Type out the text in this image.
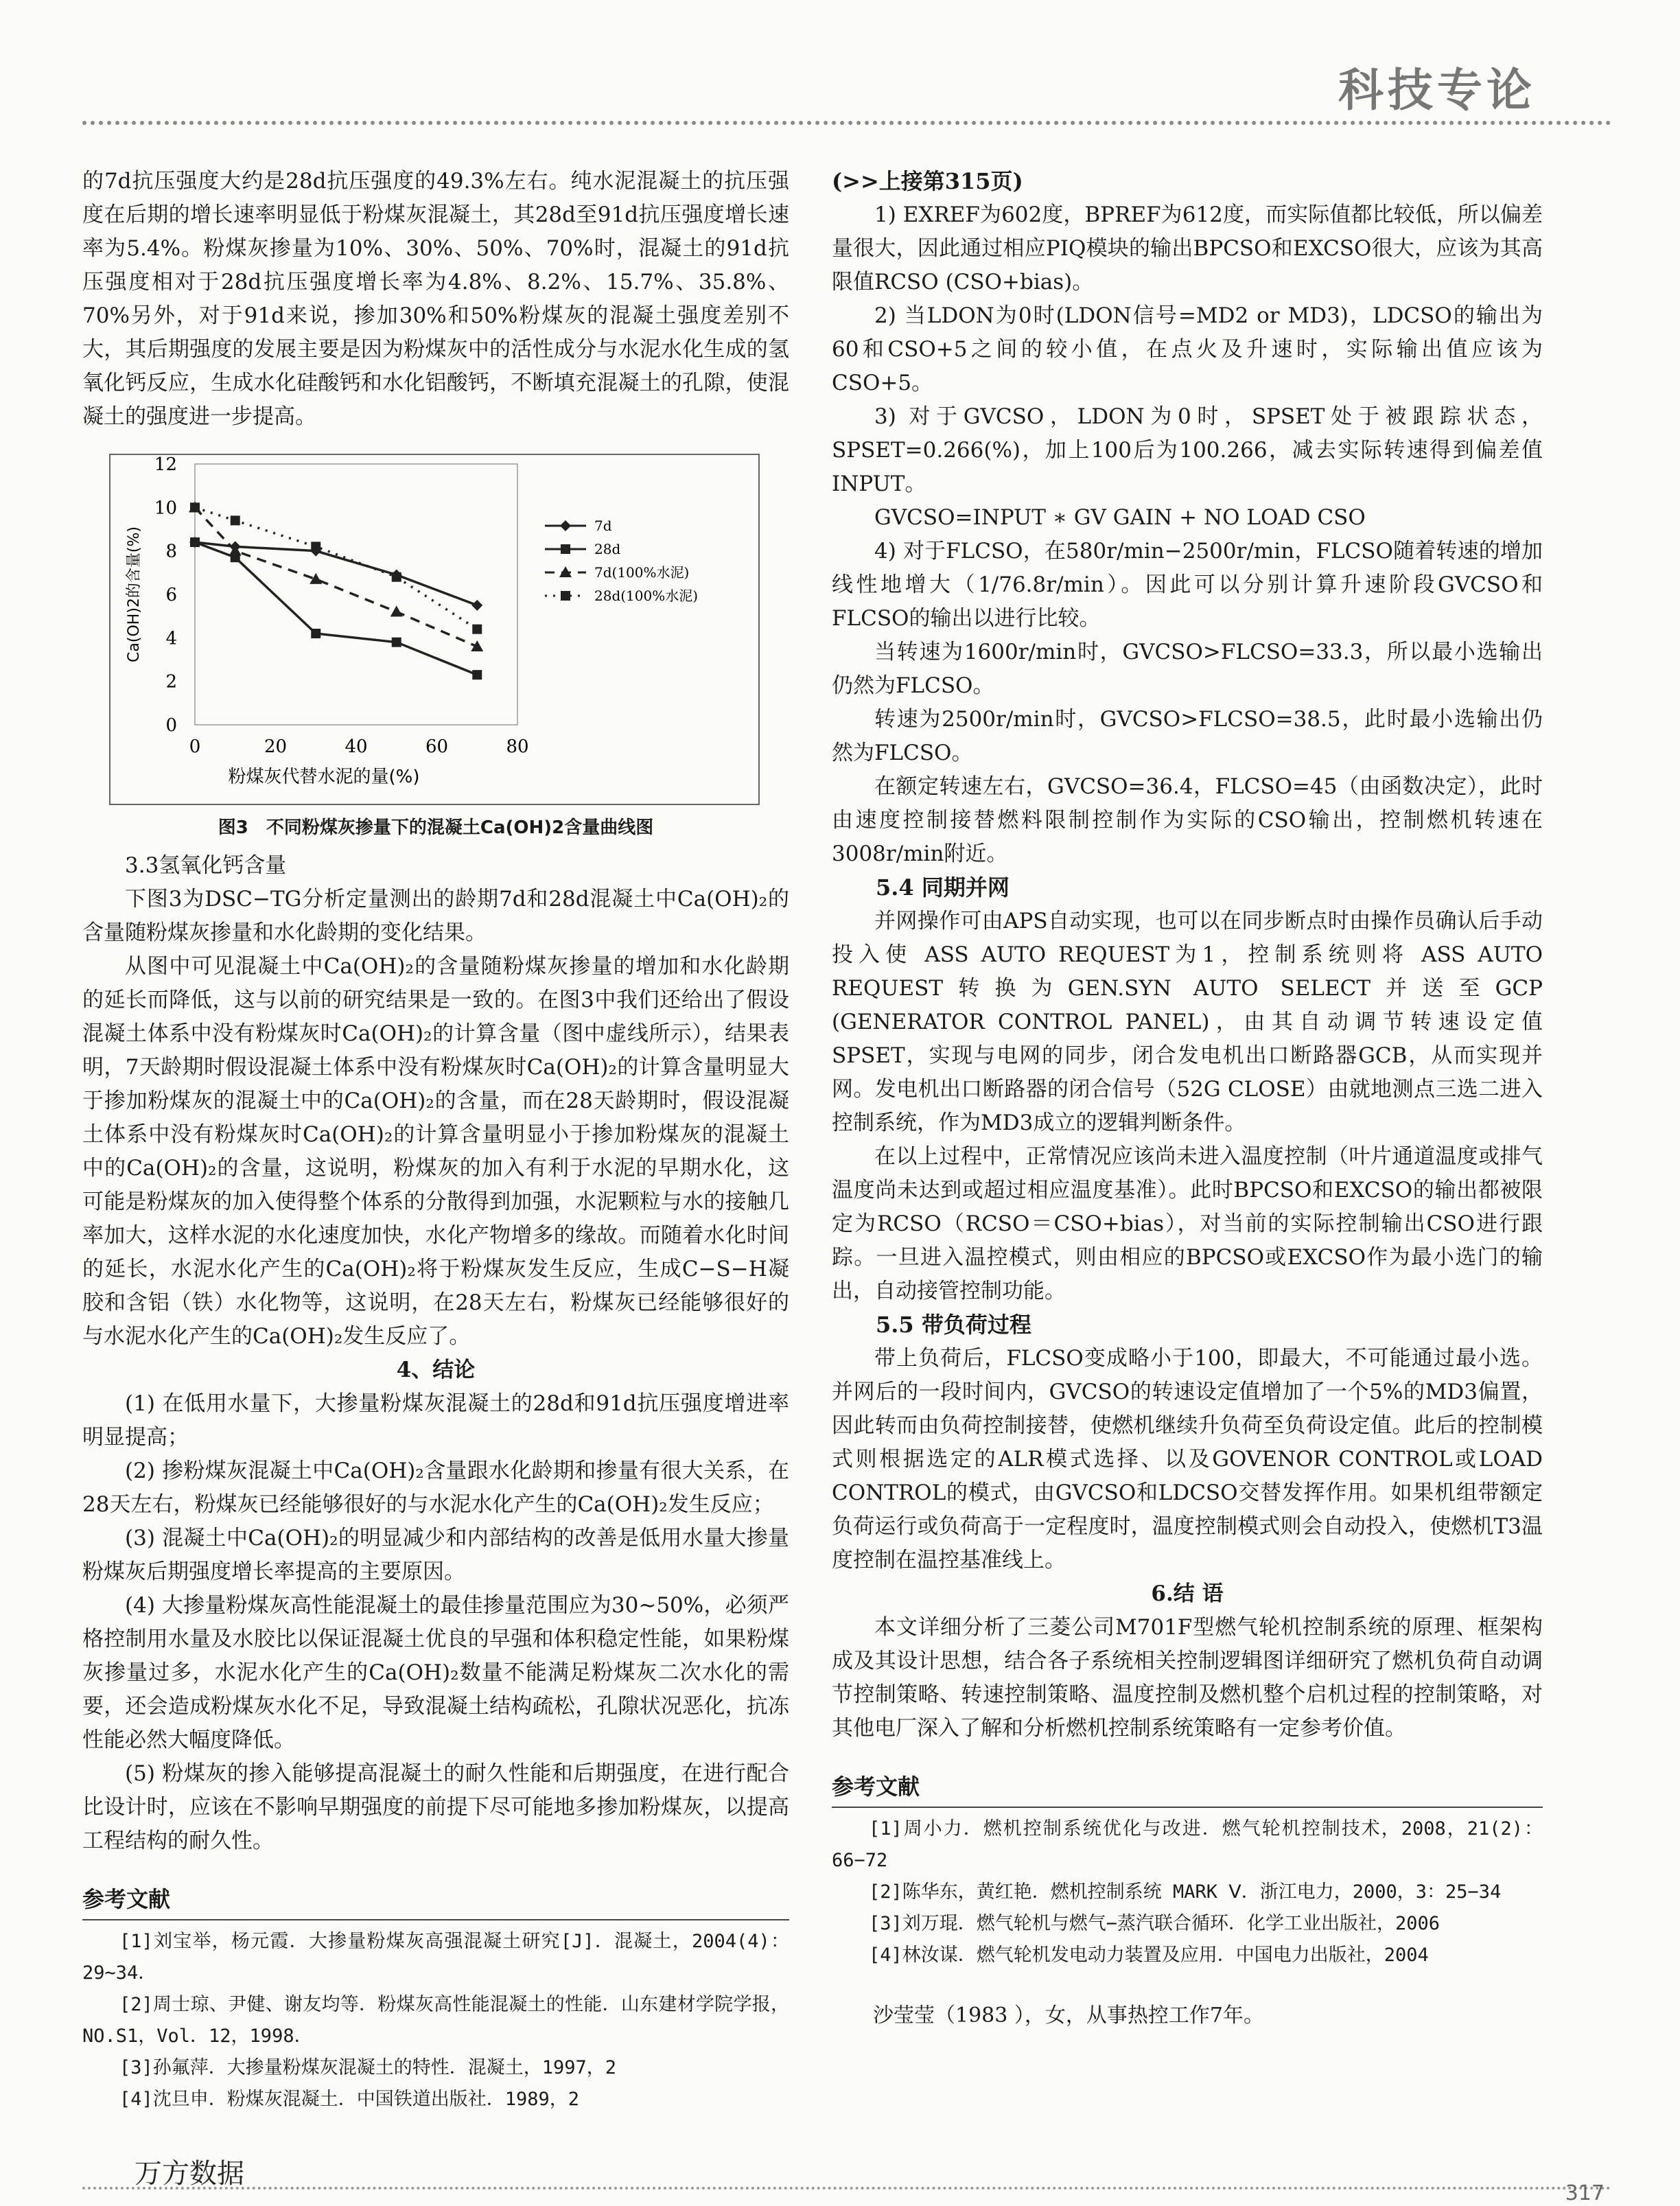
科技专论

的7d抗压强度大约是28d抗压强度的49.3%左右。纯水泥混凝土的抗压强度在后期的增长速率明显低于粉煤灰混凝土，其28d至91d抗压强度增长速率为5.4%。粉煤灰掺量为10%、30%、50%、70%时，混凝土的91d抗压强度相对于28d抗压强度增长率为4.8%、8.2%、15.7%、35.8%、70%另外，对于91d来说，掺加30%和50%粉煤灰的混凝土强度差别不大，其后期强度的发展主要是因为粉煤灰中的活性成分与水泥水化生成的氢氧化钙反应，生成水化硅酸钙和水化铝酸钙，不断填充混凝土的孔隙，使混凝土的强度进一步提高。

0
2
4
6
8
10
12
0	20	40	60	80
粉煤灰代替水泥的量(%)
Ca(OH)2的含量(%)
7d
28d
7d(100%水泥)
28d(100%水泥)
图3　不同粉煤灰掺量下的混凝土Ca(OH)2含量曲线图

3.3氢氧化钙含量

下图3为DSC−TG分析定量测出的龄期7d和28d混凝土中Ca(OH)₂的含量随粉煤灰掺量和水化龄期的变化结果。

从图中可见混凝土中Ca(OH)₂的含量随粉煤灰掺量的增加和水化龄期的延长而降低，这与以前的研究结果是一致的。在图3中我们还给出了假设混凝土体系中没有粉煤灰时Ca(OH)₂的计算含量（图中虚线所示），结果表明，7天龄期时假设混凝土体系中没有粉煤灰时Ca(OH)₂的计算含量明显大于掺加粉煤灰的混凝土中的Ca(OH)₂的含量，而在28天龄期时，假设混凝土体系中没有粉煤灰时Ca(OH)₂的计算含量明显小于掺加粉煤灰的混凝土中的Ca(OH)₂的含量，这说明，粉煤灰的加入有利于水泥的早期水化，这可能是粉煤灰的加入使得整个体系的分散得到加强，水泥颗粒与水的接触几率加大，这样水泥的水化速度加快，水化产物增多的缘故。而随着水化时间的延长，水泥水化产生的Ca(OH)₂将于粉煤灰发生反应，生成C−S−H凝胶和含铝（铁）水化物等，这说明，在28天左右，粉煤灰已经能够很好的与水泥水化产生的Ca(OH)₂发生反应了。

4、结论

(1) 在低用水量下，大掺量粉煤灰混凝土的28d和91d抗压强度增进率明显提高；

(2) 掺粉煤灰混凝土中Ca(OH)₂含量跟水化龄期和掺量有很大关系，在28天左右，粉煤灰已经能够很好的与水泥水化产生的Ca(OH)₂发生反应；

(3) 混凝土中Ca(OH)₂的明显减少和内部结构的改善是低用水量大掺量粉煤灰后期强度增长率提高的主要原因。

(4) 大掺量粉煤灰高性能混凝土的最佳掺量范围应为30∼50%，必须严格控制用水量及水胶比以保证混凝土优良的早强和体积稳定性能，如果粉煤灰掺量过多，水泥水化产生的Ca(OH)₂数量不能满足粉煤灰二次水化的需要，还会造成粉煤灰水化不足，导致混凝土结构疏松，孔隙状况恶化，抗冻性能必然大幅度降低。

(5) 粉煤灰的掺入能够提高混凝土的耐久性能和后期强度，在进行配合比设计时，应该在不影响早期强度的前提下尽可能地多掺加粉煤灰，以提高工程结构的耐久性。

参考文献

[1]刘宝举，杨元霞．大掺量粉煤灰高强混凝土研究[J]．混凝土，2004(4)：29∼34．

[2]周士琼、尹健、谢友均等．粉煤灰高性能混凝土的性能．山东建材学院学报，NO.S1，Vol．12，1998．

[3]孙氟萍．大掺量粉煤灰混凝土的特性．混凝土，1997，2

[4]沈旦申．粉煤灰混凝土．中国铁道出版社．1989，2

(>>上接第315页)

1) EXREF为602度，BPREF为612度，而实际值都比较低，所以偏差量很大，因此通过相应PIQ模块的输出BPCSO和EXCSO很大，应该为其高限值RCSO (CSO+bias)。

2) 当LDON为0时(LDON信号=MD2 or MD3)，LDCSO的输出为60和CSO+5之间的较小值，在点火及升速时，实际输出值应该为CSO+5。

3) 对于GVCSO，LDON为0时，SPSET处于被跟踪状态，SPSET=0.266(%)，加上100后为100.266，减去实际转速得到偏差值INPUT。

GVCSO=INPUT ∗ GV GAIN + NO LOAD CSO

4) 对于FLCSO，在580r/min−2500r/min，FLCSO随着转速的增加线性地增大（1/76.8r/min）。因此可以分别计算升速阶段GVCSO和FLCSO的输出以进行比较。

当转速为1600r/min时，GVCSO>FLCSO=33.3，所以最小选输出仍然为FLCSO。

转速为2500r/min时，GVCSO>FLCSO=38.5，此时最小选输出仍然为FLCSO。

在额定转速左右，GVCSO=36.4，FLCSO=45（由函数决定），此时由速度控制接替燃料限制控制作为实际的CSO输出，控制燃机转速在3008r/min附近。

5.4 同期并网

并网操作可由APS自动实现，也可以在同步断点时由操作员确认后手动投入使 ASS AUTO REQUEST为1，控制系统则将 ASS AUTO REQUEST转换为GEN.SYN AUTO SELECT并送至GCP (GENERATOR CONTROL PANEL)，由其自动调节转速设定值SPSET，实现与电网的同步，闭合发电机出口断路器GCB，从而实现并网。发电机出口断路器的闭合信号（52G CLOSE）由就地测点三选二进入控制系统，作为MD3成立的逻辑判断条件。

在以上过程中，正常情况应该尚未进入温度控制（叶片通道温度或排气温度尚未达到或超过相应温度基准）。此时BPCSO和EXCSO的输出都被限定为RCSO（RCSO＝CSO+bias），对当前的实际控制输出CSO进行跟踪。一旦进入温控模式，则由相应的BPCSO或EXCSO作为最小选门的输出，自动接管控制功能。

5.5 带负荷过程

带上负荷后，FLCSO变成略小于100，即最大，不可能通过最小选。并网后的一段时间内，GVCSO的转速设定值增加了一个5%的MD3偏置，因此转而由负荷控制接替，使燃机继续升负荷至负荷设定值。此后的控制模式则根据选定的ALR模式选择、以及GOVENOR CONTROL或LOAD CONTROL的模式，由GVCSO和LDCSO交替发挥作用。如果机组带额定负荷运行或负荷高于一定程度时，温度控制模式则会自动投入，使燃机T3温度控制在温控基准线上。

6.结 语

本文详细分析了三菱公司M701F型燃气轮机控制系统的原理、框架构成及其设计思想，结合各子系统相关控制逻辑图详细研究了燃机负荷自动调节控制策略、转速控制策略、温度控制及燃机整个启机过程的控制策略，对其他电厂深入了解和分析燃机控制系统策略有一定参考价值。

参考文献

[1]周小力．燃机控制系统优化与改进．燃气轮机控制技术，2008，21(2)：66−72

[2]陈华东，黄红艳．燃机控制系统 MARK Ⅴ．浙江电力，2000，3：25−34

[3]刘万琨．燃气轮机与燃气−蒸汽联合循环．化学工业出版社，2006

[4]林汝谋．燃气轮机发电动力装置及应用．中国电力出版社，2004

沙莹莹（1983 ），女，从事热控工作7年。

万方数据
317
